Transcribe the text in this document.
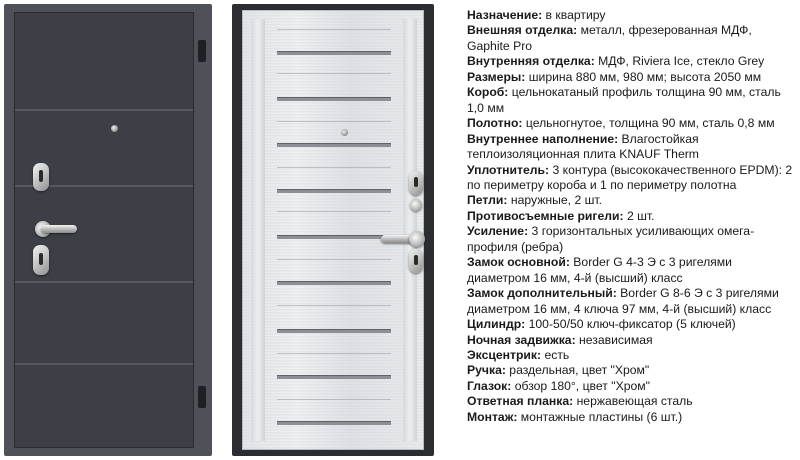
Назначение: в квартиру
Внешняя отделка: металл, фрезерованная МДФ, Gaphite Pro
Внутренняя отделка: МДФ, Riviera Ice, стекло Grey
Размеры: ширина 880 мм, 980 мм; высота 2050 мм
Короб: цельнокатаный профиль толщина 90 мм, сталь 1,0 мм
Полотно: цельногнутое, толщина 90 мм, сталь 0,8 мм
Внутреннее наполнение: Влагостойкая теплоизоляционная плита KNAUF Therm
Уплотнитель: 3 контура (высококачественного EPDM): 2 по периметру короба и 1 по периметру полотна
Петли: наружные, 2 шт.
Противосъемные ригели: 2 шт.
Усиление: 3 горизонтальных усиливающих омега-профиля (ребра)
Замок основной: Border G 4-3 Э с 3 ригелями диаметром 16 мм, 4-й (высший) класс
Замок дополнительный: Border G 8-6 Э с 3 ригелями диаметром 16 мм, 4 ключа 97 мм, 4-й (высший) класс
Цилиндр: 100-50/50 ключ-фиксатор (5 ключей)
Ночная задвижка: независимая
Эксцентрик: есть
Ручка: раздельная, цвет "Хром"
Глазок: обзор 180°, цвет "Хром"
Ответная планка: нержавеющая сталь
Монтаж: монтажные пластины (6 шт.)
